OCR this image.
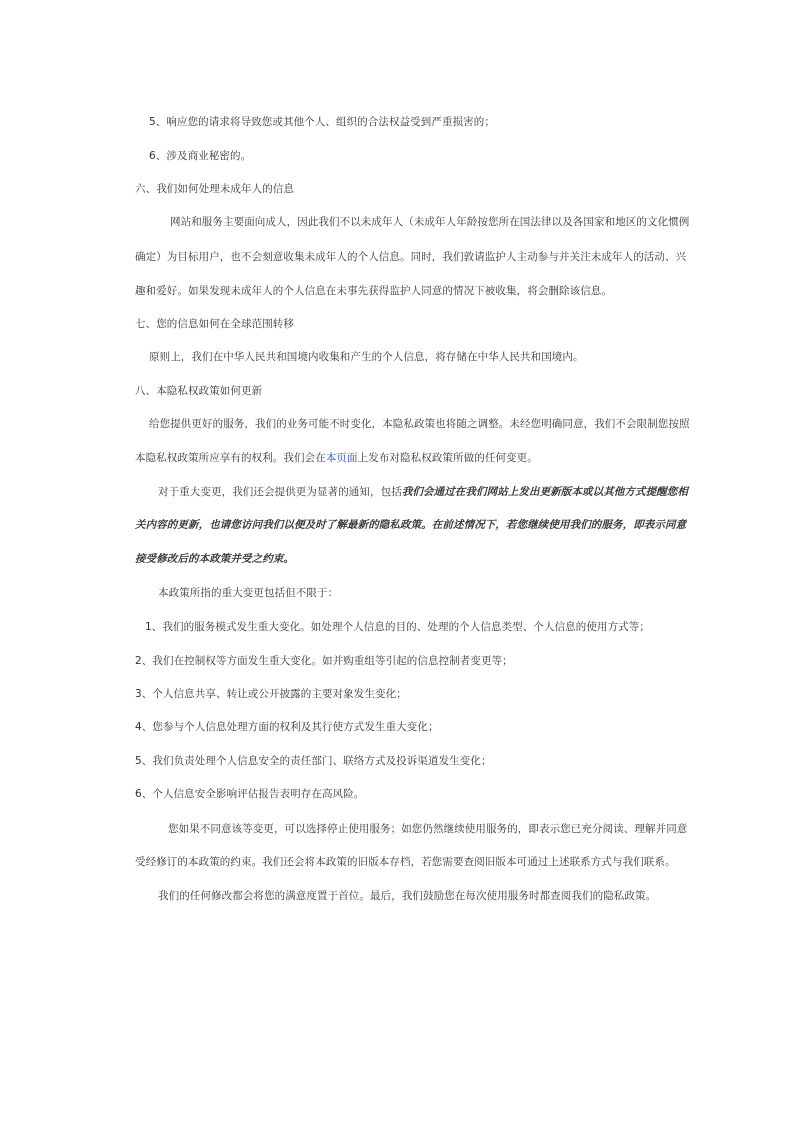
5、响应您的请求将导致您或其他个人、组织的合法权益受到严重损害的；
6、涉及商业秘密的。
六、我们如何处理未成年人的信息
网站和服务主要面向成人，因此我们不以未成年人（未成年人年龄按您所在国法律以及各国家和地区的文化惯例
确定）为目标用户，也不会刻意收集未成年人的个人信息。同时，我们敦请监护人主动参与并关注未成年人的活动、兴
趣和爱好。如果发现未成年人的个人信息在未事先获得监护人同意的情况下被收集，将会删除该信息。
七、您的信息如何在全球范围转移
原则上，我们在中华人民共和国境内收集和产生的个人信息，将存储在中华人民共和国境内。
八、本隐私权政策如何更新
给您提供更好的服务，我们的业务可能不时变化，本隐私政策也将随之调整。未经您明确同意，我们不会限制您按照
本隐私权政策所应享有的权利。我们会在本页面上发布对隐私权政策所做的任何变更。
对于重大变更，我们还会提供更为显著的通知，包括我们会通过在我们网站上发出更新版本或以其他方式提醒您相
关内容的更新，也请您访问我们以便及时了解最新的隐私政策。在前述情况下，若您继续使用我们的服务，即表示同意
接受修改后的本政策并受之约束。
本政策所指的重大变更包括但不限于：
1、我们的服务模式发生重大变化。如处理个人信息的目的、处理的个人信息类型、个人信息的使用方式等；
2、我们在控制权等方面发生重大变化。如并购重组等引起的信息控制者变更等；
3、个人信息共享、转让或公开披露的主要对象发生变化；
4、您参与个人信息处理方面的权利及其行使方式发生重大变化；
5、我们负责处理个人信息安全的责任部门、联络方式及投诉渠道发生变化；
6、个人信息安全影响评估报告表明存在高风险。
您如果不同意该等变更，可以选择停止使用服务；如您仍然继续使用服务的，即表示您已充分阅读、理解并同意
受经修订的本政策的约束。我们还会将本政策的旧版本存档，若您需要查阅旧版本可通过上述联系方式与我们联系。
我们的任何修改都会将您的满意度置于首位。最后，我们鼓励您在每次使用服务时都查阅我们的隐私政策。
